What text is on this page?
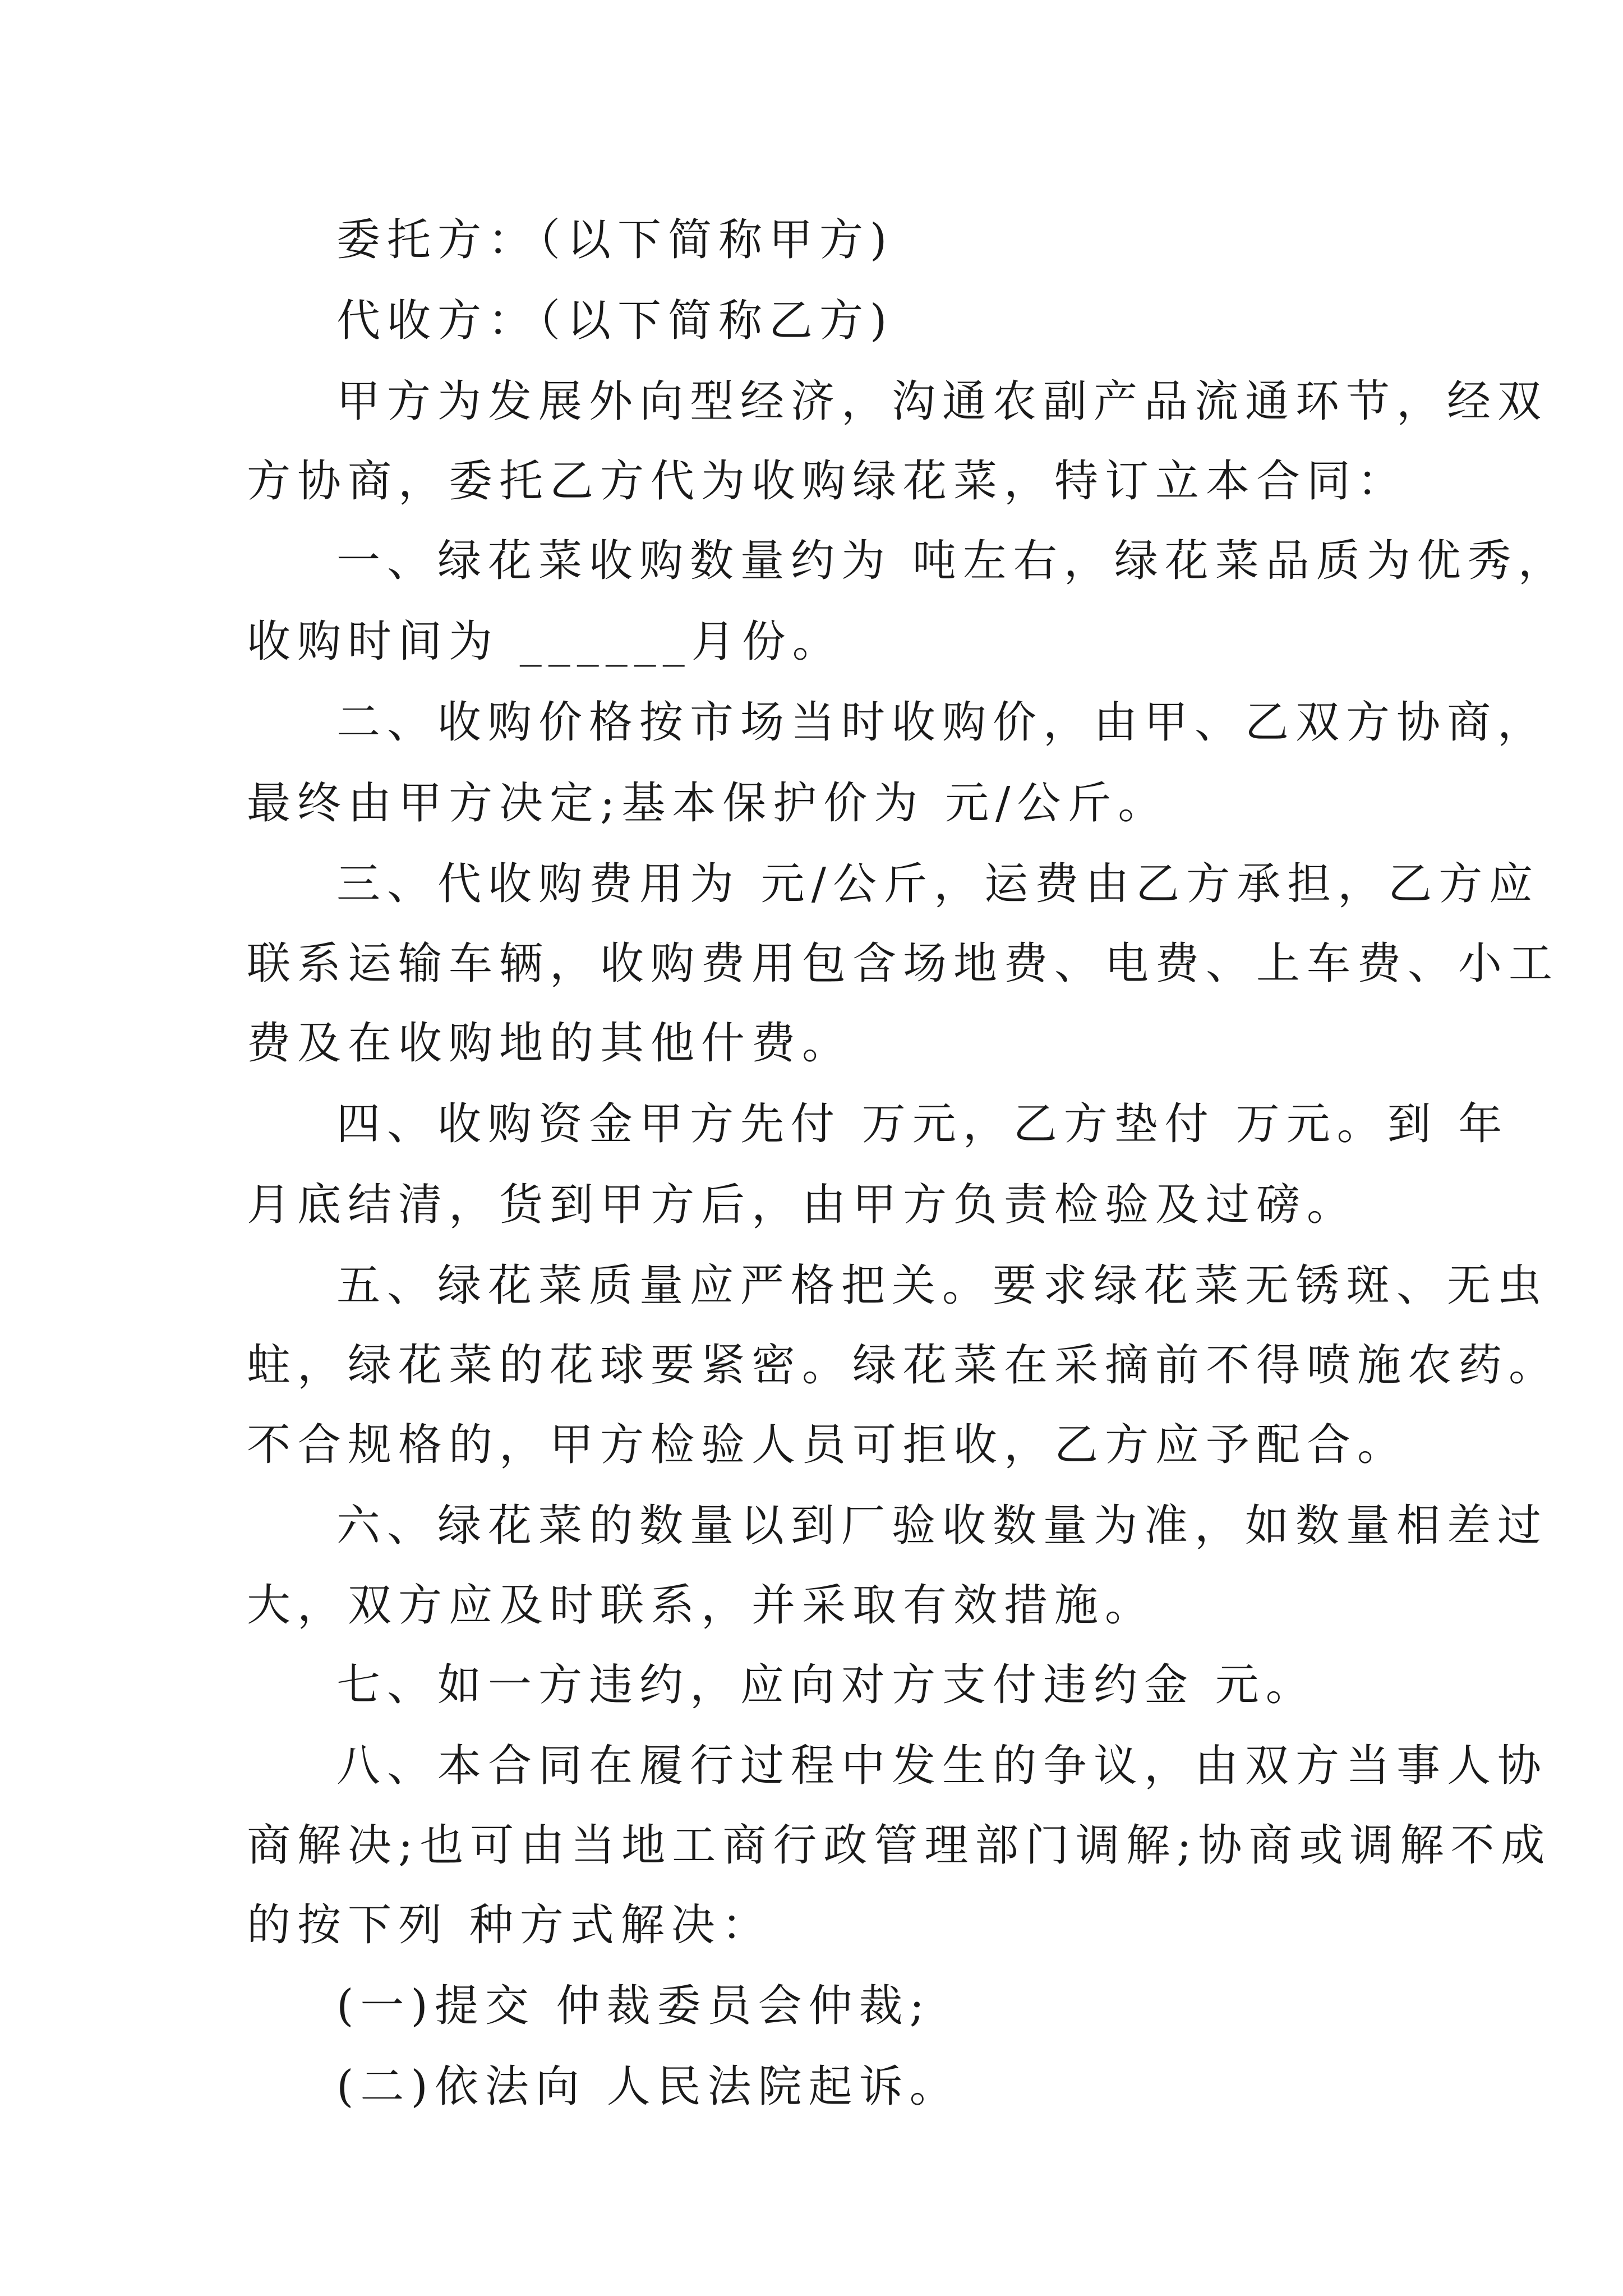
委托方：（以下简称甲方)
代收方：（以下简称乙方)
甲方为发展外向型经济，沟通农副产品流通环节，经双
方协商，委托乙方代为收购绿花菜，特订立本合同：
一、绿花菜收购数量约为 吨左右，绿花菜品质为优秀，
收购时间为 ______月份。
二、收购价格按市场当时收购价，由甲、乙双方协商，
最终由甲方决定;基本保护价为 元/公斤。
三、代收购费用为 元/公斤，运费由乙方承担，乙方应
联系运输车辆，收购费用包含场地费、电费、上车费、小工
费及在收购地的其他什费。
四、收购资金甲方先付 万元，乙方垫付 万元。到 年
月底结清，货到甲方后，由甲方负责检验及过磅。
五、绿花菜质量应严格把关。要求绿花菜无锈斑、无虫
蛀，绿花菜的花球要紧密。绿花菜在采摘前不得喷施农药。
不合规格的，甲方检验人员可拒收，乙方应予配合。
六、绿花菜的数量以到厂验收数量为准，如数量相差过
大，双方应及时联系，并采取有效措施。
七、如一方违约，应向对方支付违约金 元。
八、本合同在履行过程中发生的争议，由双方当事人协
商解决;也可由当地工商行政管理部门调解;协商或调解不成
的按下列 种方式解决：
(一)提交 仲裁委员会仲裁;
(二)依法向 人民法院起诉。
